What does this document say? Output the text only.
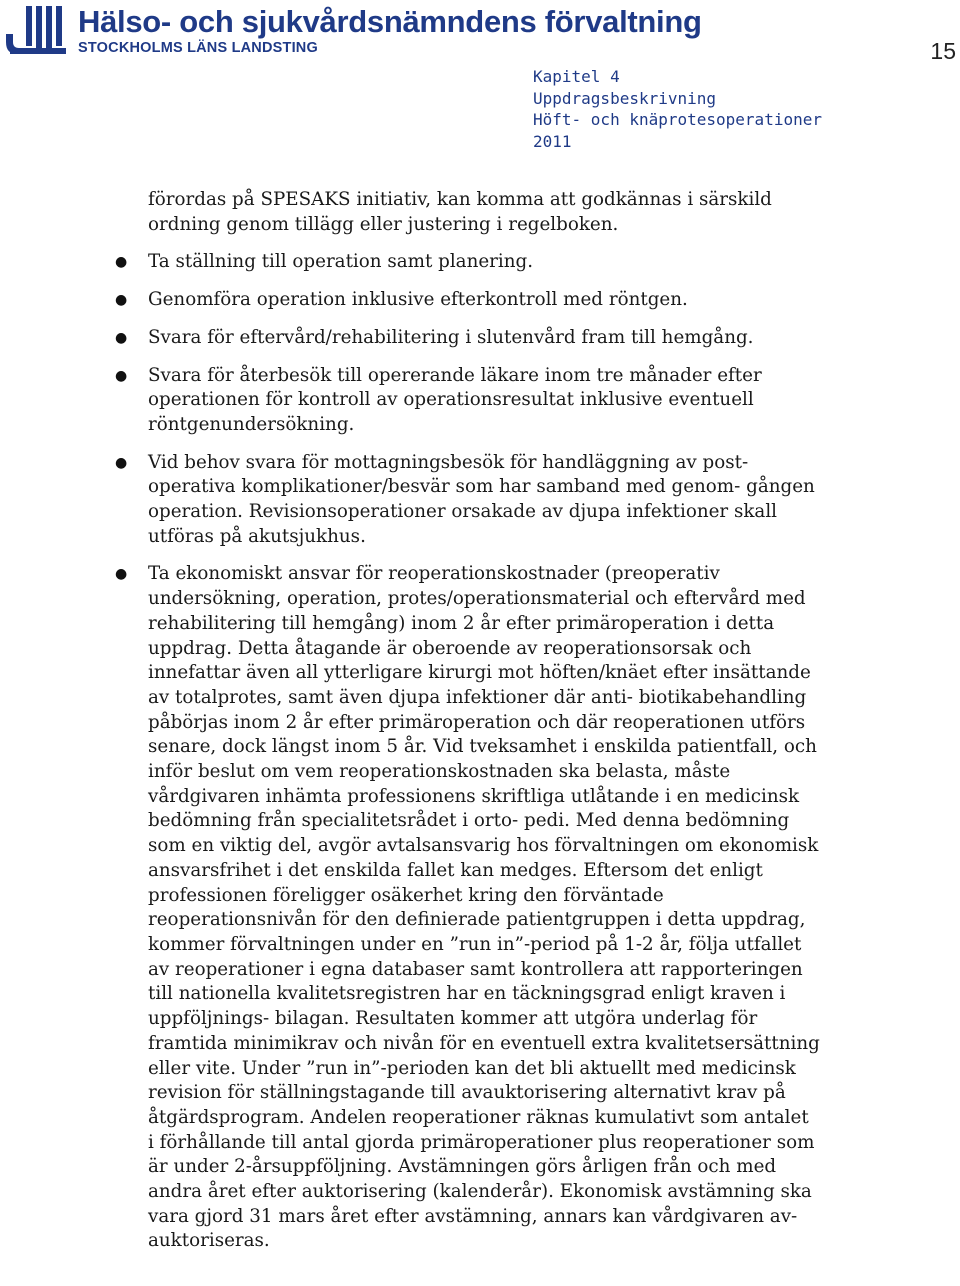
Hälso- och sjukvårdsnämndens förvaltning
STOCKHOLMS LÄNS LANDSTING	15
Kapitel 4
Uppdragsbeskrivning
Höft- och knäprotesoperationer
2011

förordas på SPESAKS initiativ, kan komma att godkännas i särskild ordning genom tillägg eller justering i regelboken.

● Ta ställning till operation samt planering.
● Genomföra operation inklusive efterkontroll med röntgen.
● Svara för eftervård/rehabilitering i slutenvård fram till hemgång.
● Svara för återbesök till opererande läkare inom tre månader efter operationen för kontroll av operationsresultat inklusive eventuell röntgenundersökning.
● Vid behov svara för mottagningsbesök för handläggning av post- operativa komplikationer/besvär som har samband med genom- gången operation. Revisionsoperationer orsakade av djupa infektioner skall utföras på akutsjukhus.
● Ta ekonomiskt ansvar för reoperationskostnader (preoperativ undersökning, operation, protes/operationsmaterial och eftervård med rehabilitering till hemgång) inom 2 år efter primäroperation i detta uppdrag. Detta åtagande är oberoende av reoperationsorsak och innefattar även all ytterligare kirurgi mot höften/knäet efter insättande av totalprotes, samt även djupa infektioner där anti- biotikabehandling påbörjas inom 2 år efter primäroperation och där reoperationen utförs senare, dock längst inom 5 år. Vid tveksamhet i enskilda patientfall, och inför beslut om vem reoperationskostnaden ska belasta, måste vårdgivaren inhämta professionens skriftliga utlåtande i en medicinsk bedömning från specialitetsrådet i orto- pedi. Med denna bedömning som en viktig del, avgör avtalsansvarig hos förvaltningen om ekonomisk ansvarsfrihet i det enskilda fallet kan medges. Eftersom det enligt professionen föreligger osäkerhet kring den förväntade reoperationsnivån för den definierade patientgruppen i detta uppdrag, kommer förvaltningen under en ”run in”-period på 1-2 år, följa utfallet av reoperationer i egna databaser samt kontrollera att rapporteringen till nationella kvalitetsregistren har en täckningsgrad enligt kraven i uppföljnings- bilagan. Resultaten kommer att utgöra underlag för framtida minimikrav och nivån för en eventuell extra kvalitetsersättning eller vite. Under ”run in”-perioden kan det bli aktuellt med medicinsk revision för ställningstagande till avauktorisering alternativt krav på åtgärdsprogram. Andelen reoperationer räknas kumulativt som antalet i förhållande till antal gjorda primäroperationer plus reoperationer som är under 2-årsuppföljning. Avstämningen görs årligen från och med andra året efter auktorisering (kalenderår). Ekonomisk avstämning ska vara gjord 31 mars året efter avstämning, annars kan vårdgivaren av-auktoriseras.
